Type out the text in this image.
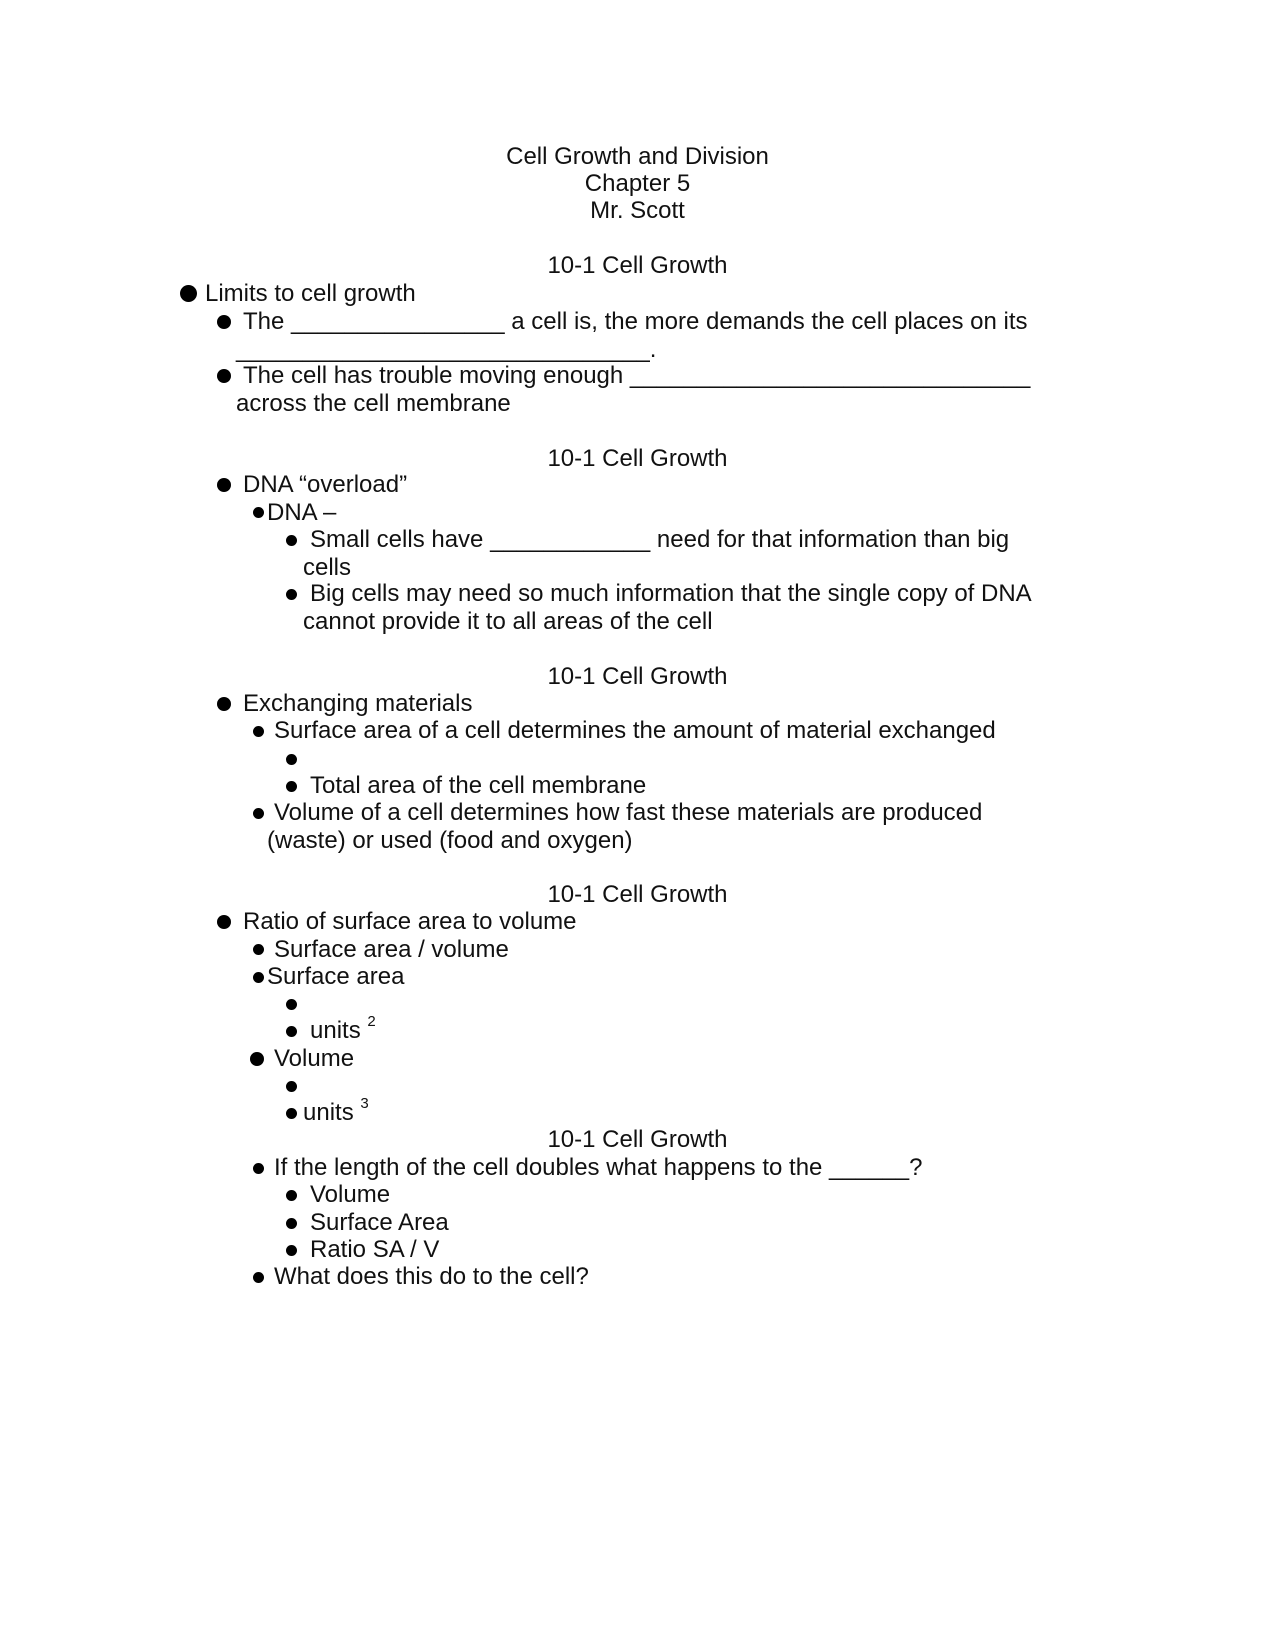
Cell Growth and Division
Chapter 5
Mr. Scott
10-1 Cell Growth
Limits to cell growth
The ________________ a cell is, the more demands the cell places on its
_______________________________.
The cell has trouble moving enough ______________________________
across the cell membrane
10-1 Cell Growth
DNA “overload”
DNA –
Small cells have ____________ need for that information than big
cells
Big cells may need so much information that the single copy of DNA
cannot provide it to all areas of the cell
10-1 Cell Growth
Exchanging materials
Surface area of a cell determines the amount of material exchanged
Total area of the cell membrane
Volume of a cell determines how fast these materials are produced
(waste) or used (food and oxygen)
10-1 Cell Growth
Ratio of surface area to volume
Surface area / volume
Surface area
units $^2$
Volume
units $^3$
10-1 Cell Growth
If the length of the cell doubles what happens to the ______?
Volume
Surface Area
Ratio SA / V
What does this do to the cell?
